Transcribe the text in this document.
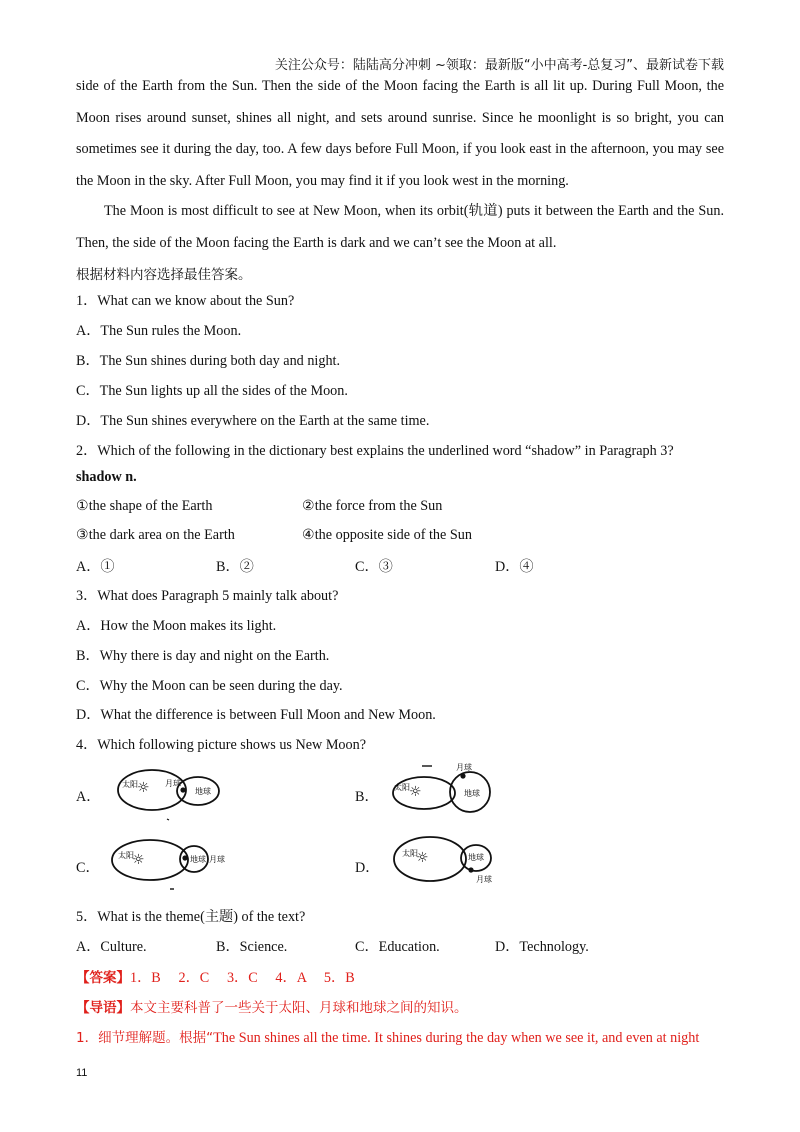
关注公众号：陆陆高分冲刺 ~领取：最新版“小中高考-总复习”、最新试卷下载
side of the Earth from the Sun. Then the side of the Moon facing the Earth is all lit up. During Full Moon, the Moon rises around sunset, shines all night, and sets around sunrise. Since he moonlight is so bright, you can sometimes see it during the day, too. A few days before Full Moon, if you look east in the afternoon, you may see the Moon in the sky. After Full Moon, you may find it if you look west in the morning.
The Moon is most difficult to see at New Moon, when its orbit(轨道) puts it between the Earth and the Sun. Then, the side of the Moon facing the Earth is dark and we can’t see the Moon at all.
根据材料内容选择最佳答案。
1．What can we know about the Sun?
A．The Sun rules the Moon.
B．The Sun shines during both day and night.
C．The Sun lights up all the sides of the Moon.
D．The Sun shines everywhere on the Earth at the same time.
2．Which of the following in the dictionary best explains the underlined word “shadow” in Paragraph 3?
shadow n.
①the shape of the Earth	②the force from the Sun
③the dark area on the Earth	④the opposite side of the Sun
A．①	B．②	C．③	D．④
3．What does Paragraph 5 mainly talk about?
A．How the Moon makes its light.
B．Why there is day and night on the Earth.
C．Why the Moon can be seen during the day.
D．What the difference is between Full Moon and New Moon.
4．Which following picture shows us New Moon?
A．
太阳 ☼ 月球
地球	B．
月球
太阳 ☼	地球
C．
太阳
☼	地球 月球
D．
太阳
☼	地球
月球
5．What is the theme(主题) of the text?
A．Culture.	B．Science.	C．Education.	D．Technology.
【答案】1．B　 2．C　 3．C　 4．A　 5．B
【导语】本文主要科普了一些关于太阳、月球和地球之间的知识。
1．细节理解题。根据“The Sun shines all the time. It shines during the day when we see it, and even at night
11
